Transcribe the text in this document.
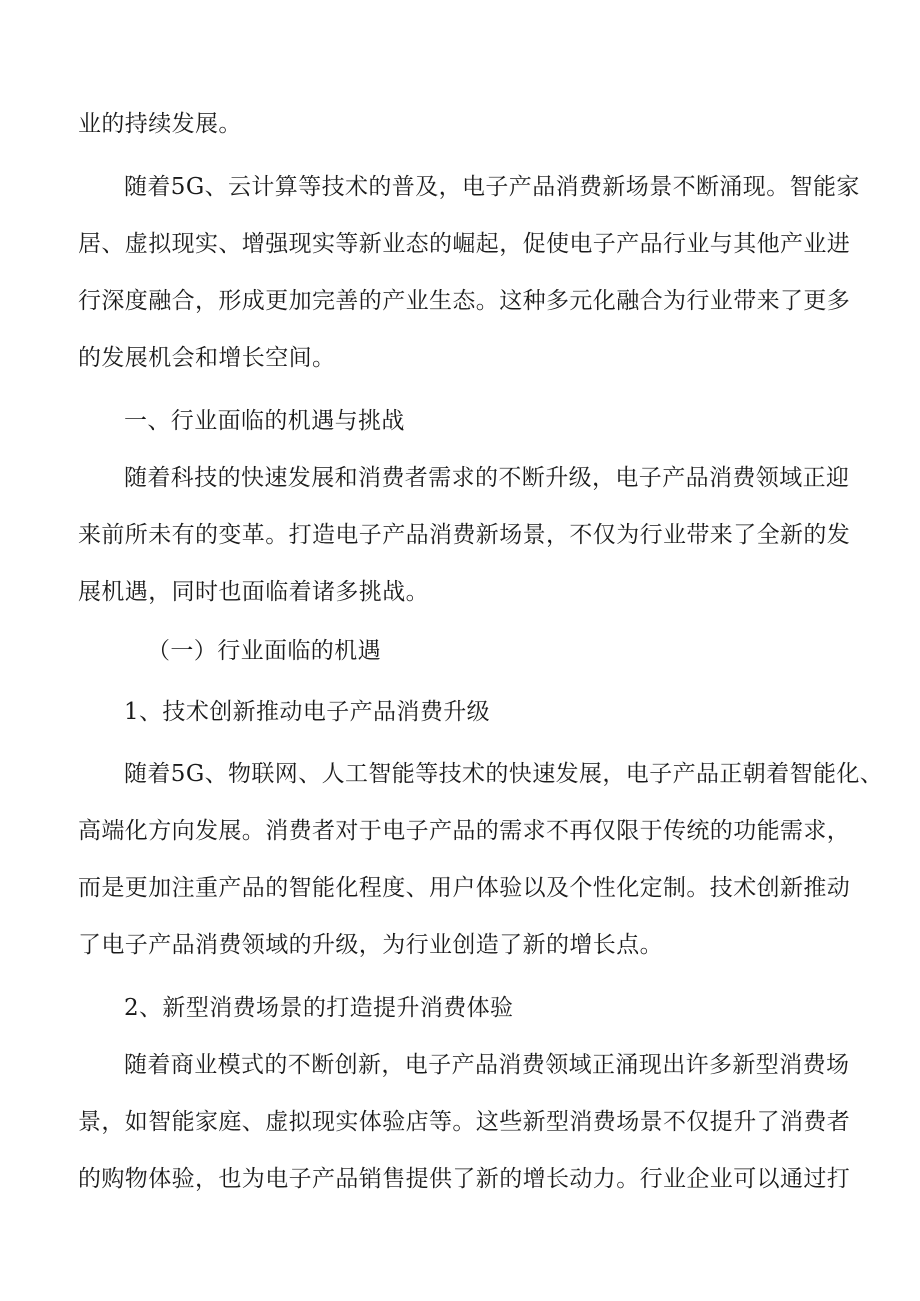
业的持续发展。
随着5G、云计算等技术的普及，电子产品消费新场景不断涌现。智能家
居、虚拟现实、增强现实等新业态的崛起，促使电子产品行业与其他产业进
行深度融合，形成更加完善的产业生态。这种多元化融合为行业带来了更多
的发展机会和增长空间。
一、行业面临的机遇与挑战
随着科技的快速发展和消费者需求的不断升级，电子产品消费领域正迎
来前所未有的变革。打造电子产品消费新场景，不仅为行业带来了全新的发
展机遇，同时也面临着诸多挑战。
（一）行业面临的机遇
1、技术创新推动电子产品消费升级
随着5G、物联网、人工智能等技术的快速发展，电子产品正朝着智能化、
高端化方向发展。消费者对于电子产品的需求不再仅限于传统的功能需求，
而是更加注重产品的智能化程度、用户体验以及个性化定制。技术创新推动
了电子产品消费领域的升级，为行业创造了新的增长点。
2、新型消费场景的打造提升消费体验
随着商业模式的不断创新，电子产品消费领域正涌现出许多新型消费场
景，如智能家庭、虚拟现实体验店等。这些新型消费场景不仅提升了消费者
的购物体验，也为电子产品销售提供了新的增长动力。行业企业可以通过打
